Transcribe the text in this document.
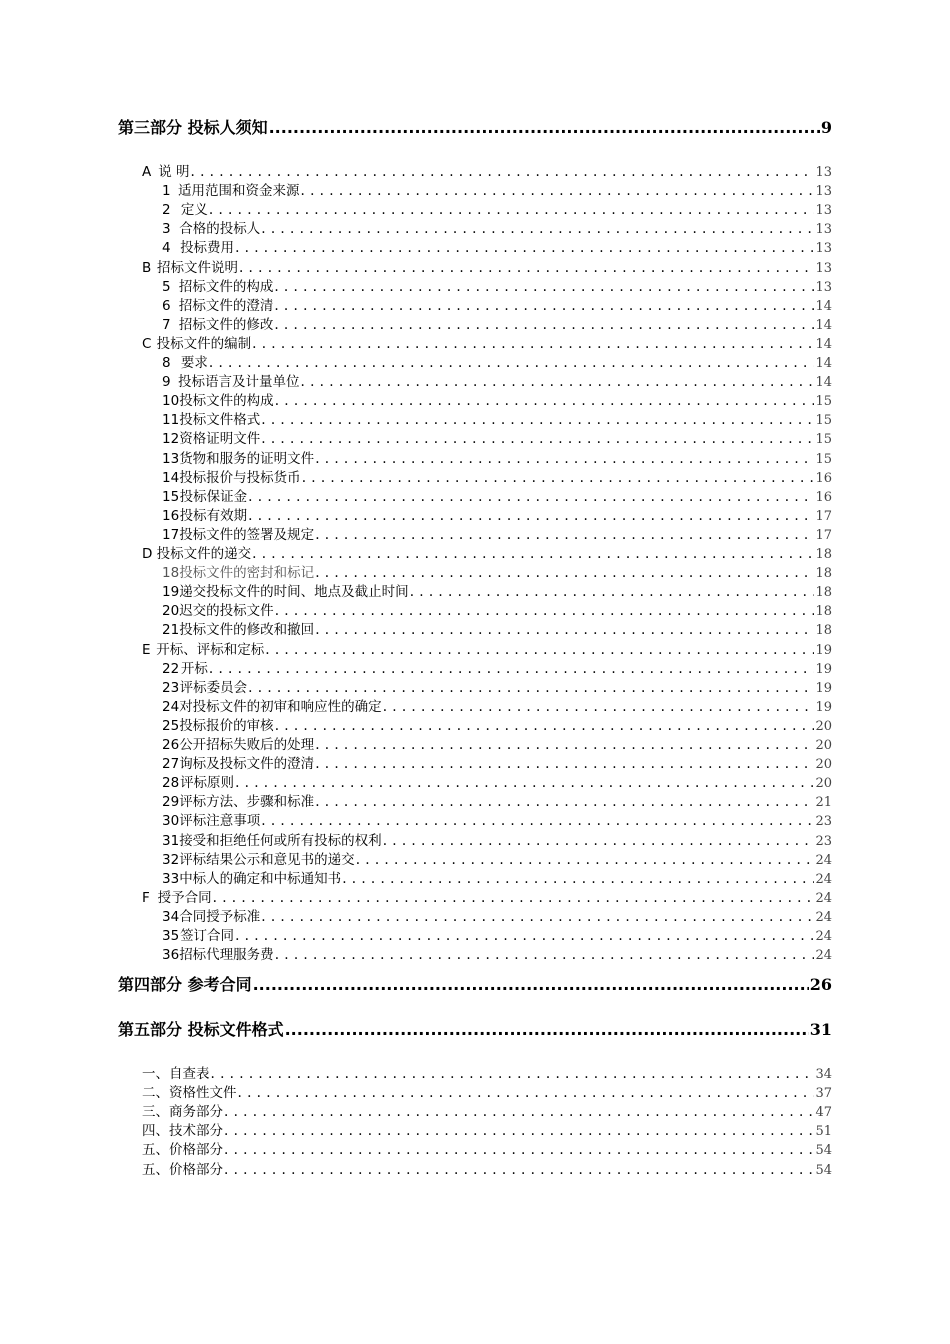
第三部分 投标人须知 .....	9
A 说 明 . . .	13
1 适用范围和资金来源 . . .	13
2 定义 . . .	13
3 合格的投标人 . . .	13
4 投标费用 . . .	13
B 招标文件说明 . . .	13
5 招标文件的构成 . . .	13
6 招标文件的澄清 . . .	14
7 招标文件的修改 . . .	14
C 投标文件的编制 . . .	14
8 要求 . . .	14
9 投标语言及计量单位 . . .	14
10 投标文件的构成 . . .	15
11 投标文件格式 . . .	15
12 资格证明文件 . . .	15
13 货物和服务的证明文件 . . .	15
14 投标报价与投标货币 . . .	16
15 投标保证金 . . .	16
16 投标有效期 . . .	17
17 投标文件的签署及规定 . . .	17
D 投标文件的递交 . . .	18
18 投标文件的密封和标记 . . .	18
19 递交投标文件的时间、地点及截止时间 . . .	18
20 迟交的投标文件 . . .	18
21 投标文件的修改和撤回 . . .	18
E 开标、评标和定标 . . .	19
22 开标 . . .	19
23 评标委员会 . . .	19
24 对投标文件的初审和响应性的确定 . . .	19
25 投标报价的审核 . . .	20
26 公开招标失败后的处理 . . .	20
27 询标及投标文件的澄清 . . .	20
28 评标原则 . . .	20
29 评标方法、步骤和标准 . . .	21
30 评标注意事项 . . .	23
31 接受和拒绝任何或所有投标的权利 . . .	23
32 评标结果公示和意见书的递交 . . .	24
33 中标人的确定和中标通知书 . . .	24
F 授予合同 . . .	24
34 合同授予标准 . . .	24
35 签订合同 . . .	24
36 招标代理服务费 . . .	24
第四部分 参考合同 .....	26
第五部分 投标文件格式 .....	31
一、自查表 . . .	34
二、资格性文件 . . .	37
三、商务部分 . . .	47
四、技术部分 . . .	51
五、价格部分 . . .	54
五、价格部分 . . .	54
